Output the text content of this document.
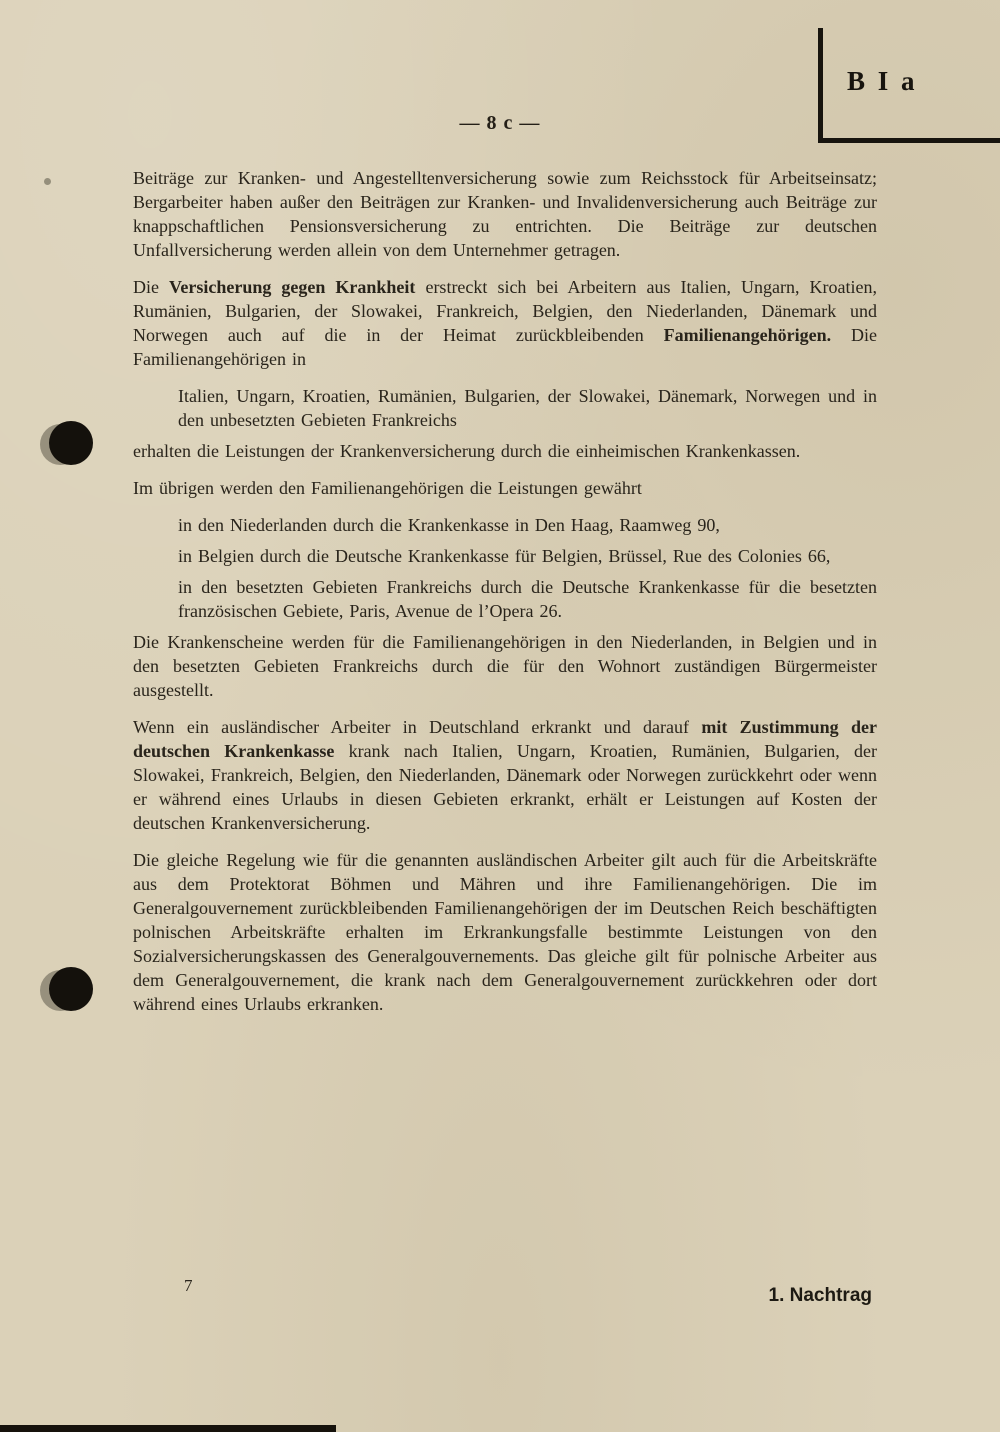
B I a
— 8 c —

Beiträge zur Kranken- und Angestelltenversicherung sowie zum Reichsstock für Arbeitseinsatz; Bergarbeiter haben außer den Beiträgen zur Kranken- und Invalidenversicherung auch Beiträge zur knappschaftlichen Pensionsversicherung zu entrichten. Die Beiträge zur deutschen Unfallversicherung werden allein von dem Unternehmer getragen.

Die Versicherung gegen Krankheit erstreckt sich bei Arbeitern aus Italien, Ungarn, Kroatien, Rumänien, Bulgarien, der Slowakei, Frankreich, Belgien, den Niederlanden, Dänemark und Norwegen auch auf die in der Heimat zurückbleibenden Familienangehörigen. Die Familienangehörigen in

Italien, Ungarn, Kroatien, Rumänien, Bulgarien, der Slowakei, Dänemark, Norwegen und in den unbesetzten Gebieten Frankreichs

erhalten die Leistungen der Krankenversicherung durch die einheimischen Krankenkassen.

Im übrigen werden den Familienangehörigen die Leistungen gewährt

in den Niederlanden durch die Krankenkasse in Den Haag, Raamweg 90,

in Belgien durch die Deutsche Krankenkasse für Belgien, Brüssel, Rue des Colonies 66,

in den besetzten Gebieten Frankreichs durch die Deutsche Krankenkasse für die besetzten französischen Gebiete, Paris, Avenue de l’Opera 26.

Die Krankenscheine werden für die Familienangehörigen in den Niederlanden, in Belgien und in den besetzten Gebieten Frankreichs durch die für den Wohnort zuständigen Bürgermeister ausgestellt.

Wenn ein ausländischer Arbeiter in Deutschland erkrankt und darauf mit Zustimmung der deutschen Krankenkasse krank nach Italien, Ungarn, Kroatien, Rumänien, Bulgarien, der Slowakei, Frankreich, Belgien, den Niederlanden, Dänemark oder Norwegen zurückkehrt oder wenn er während eines Urlaubs in diesen Gebieten erkrankt, erhält er Leistungen auf Kosten der deutschen Krankenversicherung.

Die gleiche Regelung wie für die genannten ausländischen Arbeiter gilt auch für die Arbeitskräfte aus dem Protektorat Böhmen und Mähren und ihre Familienangehörigen. Die im Generalgouvernement zurückbleibenden Familienangehörigen der im Deutschen Reich beschäftigten polnischen Arbeitskräfte erhalten im Erkrankungsfalle bestimmte Leistungen von den Sozialversicherungskassen des Generalgouvernements. Das gleiche gilt für polnische Arbeiter aus dem Generalgouvernement, die krank nach dem Generalgouvernement zurückkehren oder dort während eines Urlaubs erkranken.

7	1. Nachtrag
